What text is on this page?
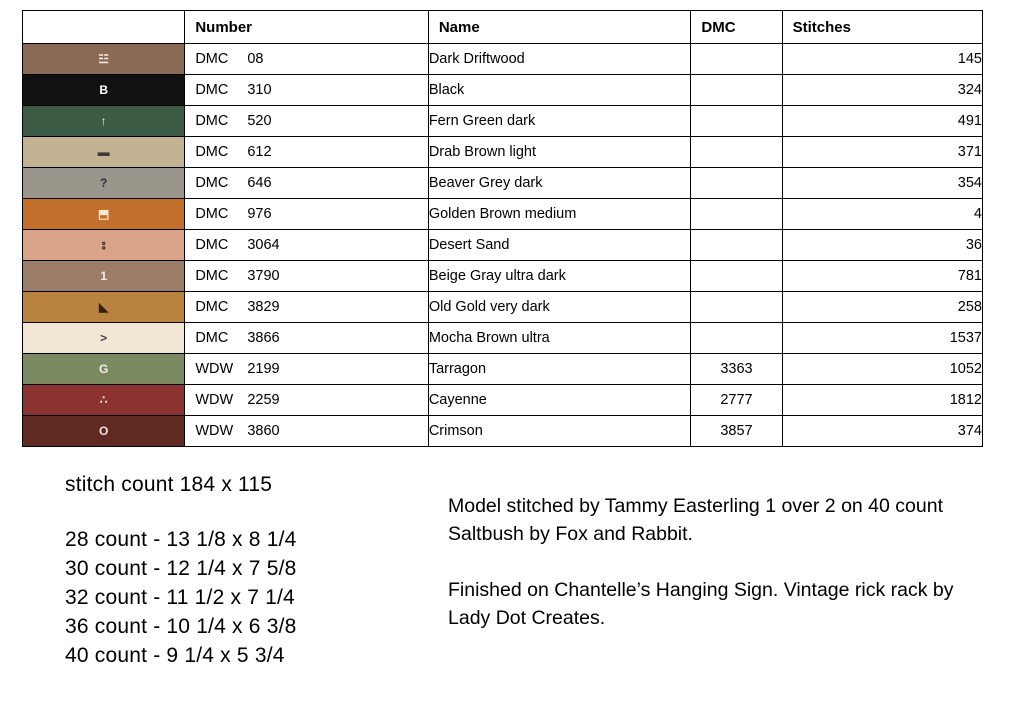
	Number	Name	DMC	Stitches

☳	DMC 08	Dark Driftwood		145

B	DMC 310	Black		324

↑	DMC 520	Fern Green dark		491

▬	DMC 612	Drab Brown light		371

?	DMC 646	Beaver Grey dark		354

⬒	DMC 976	Golden Brown medium		4

⦂	DMC 3064	Desert Sand		36

1	DMC 3790	Beige Gray ultra dark		781

◣	DMC 3829	Old Gold very dark		258

>	DMC 3866	Mocha Brown ultra		1537

G	WDW 2199	Tarragon	3363	1052

∴	WDW 2259	Cayenne	2777	1812

O	WDW 3860	Crimson	3857	374
stitch count 184 x 115
28 count - 13 1/8 x 8 1/4
30 count - 12 1/4 x 7 5/8
32 count - 11 1/2 x 7 1/4
36 count - 10 1/4 x 6 3/8
40 count - 9 1/4 x 5 3/4

Model stitched by Tammy Easterling 1 over 2 on 40 count Saltbush by Fox and Rabbit.

Finished on Chantelle’s Hanging Sign. Vintage rick rack by Lady Dot Creates.
